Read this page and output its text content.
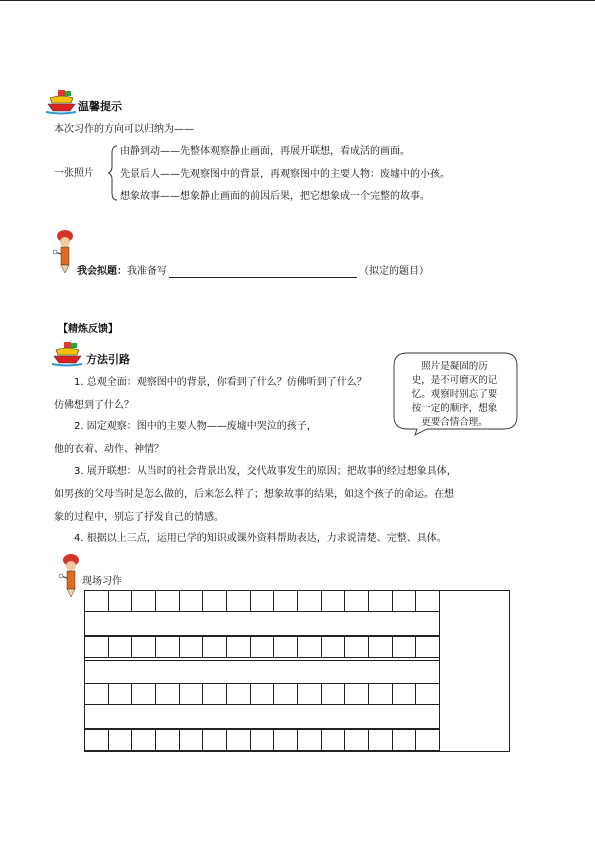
温馨提示
本次习作的方向可以归纳为——
一张照片
由静到动——先整体观察静止画面，再展开联想，看成活的画面。
先景后人——先观察图中的背景，再观察图中的主要人物：废墟中的小孩。
想象故事——想象静止画面的前因后果，把它想象成一个完整的故事。
我会拟题：我准备写	（拟定的题目）
【精炼反馈】
方法引路
1. 总观全面：观察图中的背景，你看到了什么？仿佛听到了什么？
仿佛想到了什么？
2. 固定观察：图中的主要人物——废墟中哭泣的孩子，
他的衣着、动作、神情？
3. 展开联想：从当时的社会背景出发，交代故事发生的原因；把故事的经过想象具体，
如男孩的父母当时是怎么做的，后来怎么样了；想象故事的结果，如这个孩子的命运。在想
象的过程中，别忘了抒发自己的情感。
4. 根据以上三点，运用已学的知识或课外资料帮助表达，力求说清楚、完整、具体。
照片是凝固的历
史，是不可磨灭的记
忆。观察时别忘了要
按一定的顺序，想象
更要合情合理。
现场习作
